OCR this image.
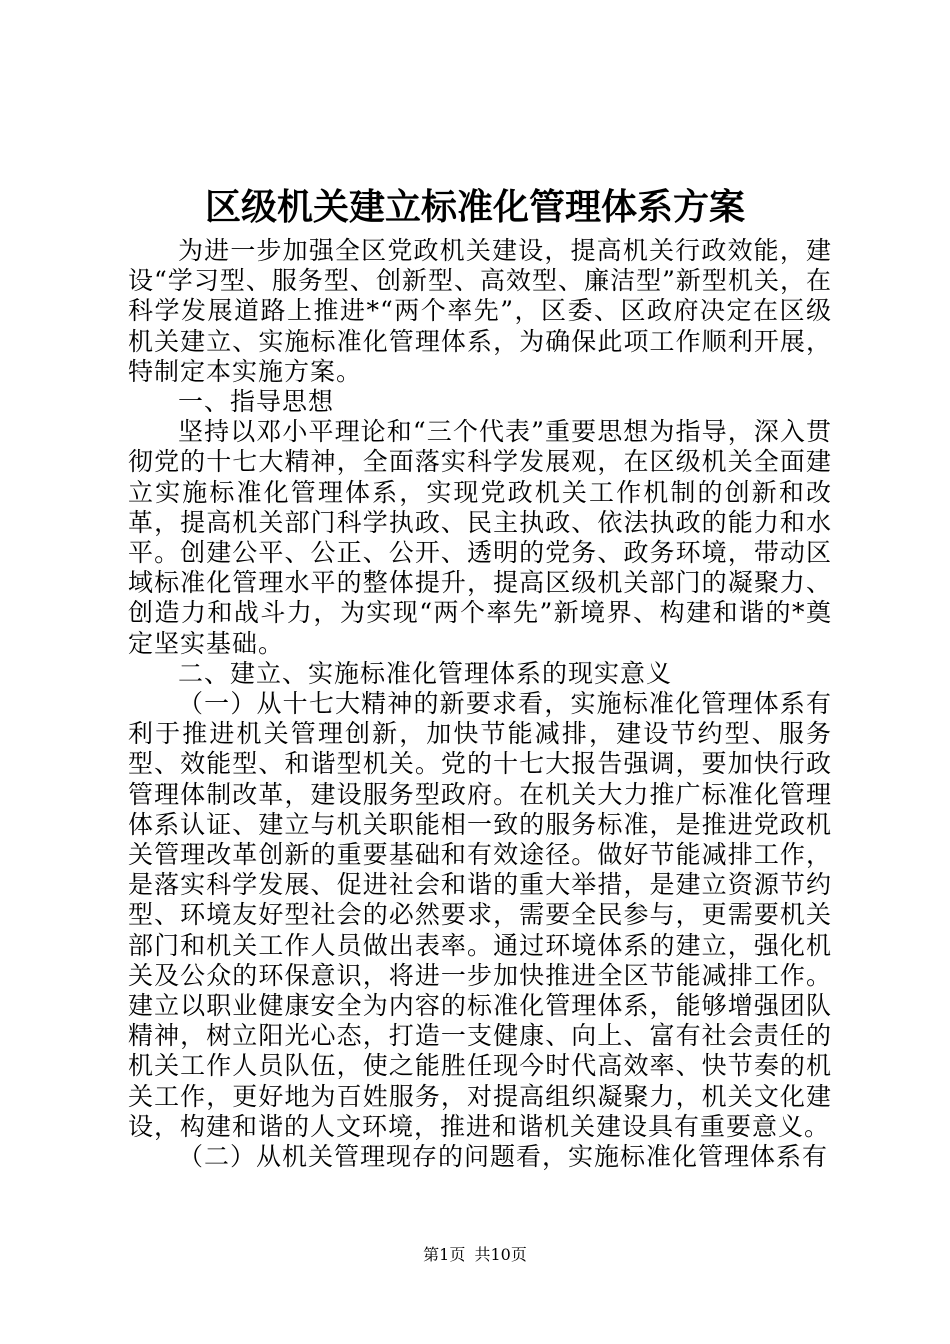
区级机关建立标准化管理体系方案

为进一步加强全区党政机关建设，提高机关行政效能，建设“学习型、服务型、创新型、高效型、廉洁型”新型机关，在科学发展道路上推进*“两个率先”，区委、区政府决定在区级机关建立、实施标准化管理体系，为确保此项工作顺利开展，特制定本实施方案。

一、指导思想

坚持以邓小平理论和“三个代表”重要思想为指导，深入贯彻党的十七大精神，全面落实科学发展观，在区级机关全面建立实施标准化管理体系，实现党政机关工作机制的创新和改革，提高机关部门科学执政、民主执政、依法执政的能力和水平。创建公平、公正、公开、透明的党务、政务环境，带动区域标准化管理水平的整体提升，提高区级机关部门的凝聚力、创造力和战斗力，为实现“两个率先”新境界、构建和谐的*奠定坚实基础。

二、建立、实施标准化管理体系的现实意义

（一）从十七大精神的新要求看，实施标准化管理体系有利于推进机关管理创新，加快节能减排，建设节约型、服务型、效能型、和谐型机关。党的十七大报告强调，要加快行政管理体制改革，建设服务型政府。在机关大力推广标准化管理体系认证、建立与机关职能相一致的服务标准，是推进党政机关管理改革创新的重要基础和有效途径。做好节能减排工作，是落实科学发展、促进社会和谐的重大举措，是建立资源节约型、环境友好型社会的必然要求，需要全民参与，更需要机关部门和机关工作人员做出表率。通过环境体系的建立，强化机关及公众的环保意识，将进一步加快推进全区节能减排工作。建立以职业健康安全为内容的标准化管理体系，能够增强团队精神，树立阳光心态，打造一支健康、向上、富有社会责任的机关工作人员队伍，使之能胜任现今时代高效率、快节奏的机关工作，更好地为百姓服务，对提高组织凝聚力，机关文化建设，构建和谐的人文环境，推进和谐机关建设具有重要意义。

（二）从机关管理现存的问题看，实施标准化管理体系有

第1页 共10页
